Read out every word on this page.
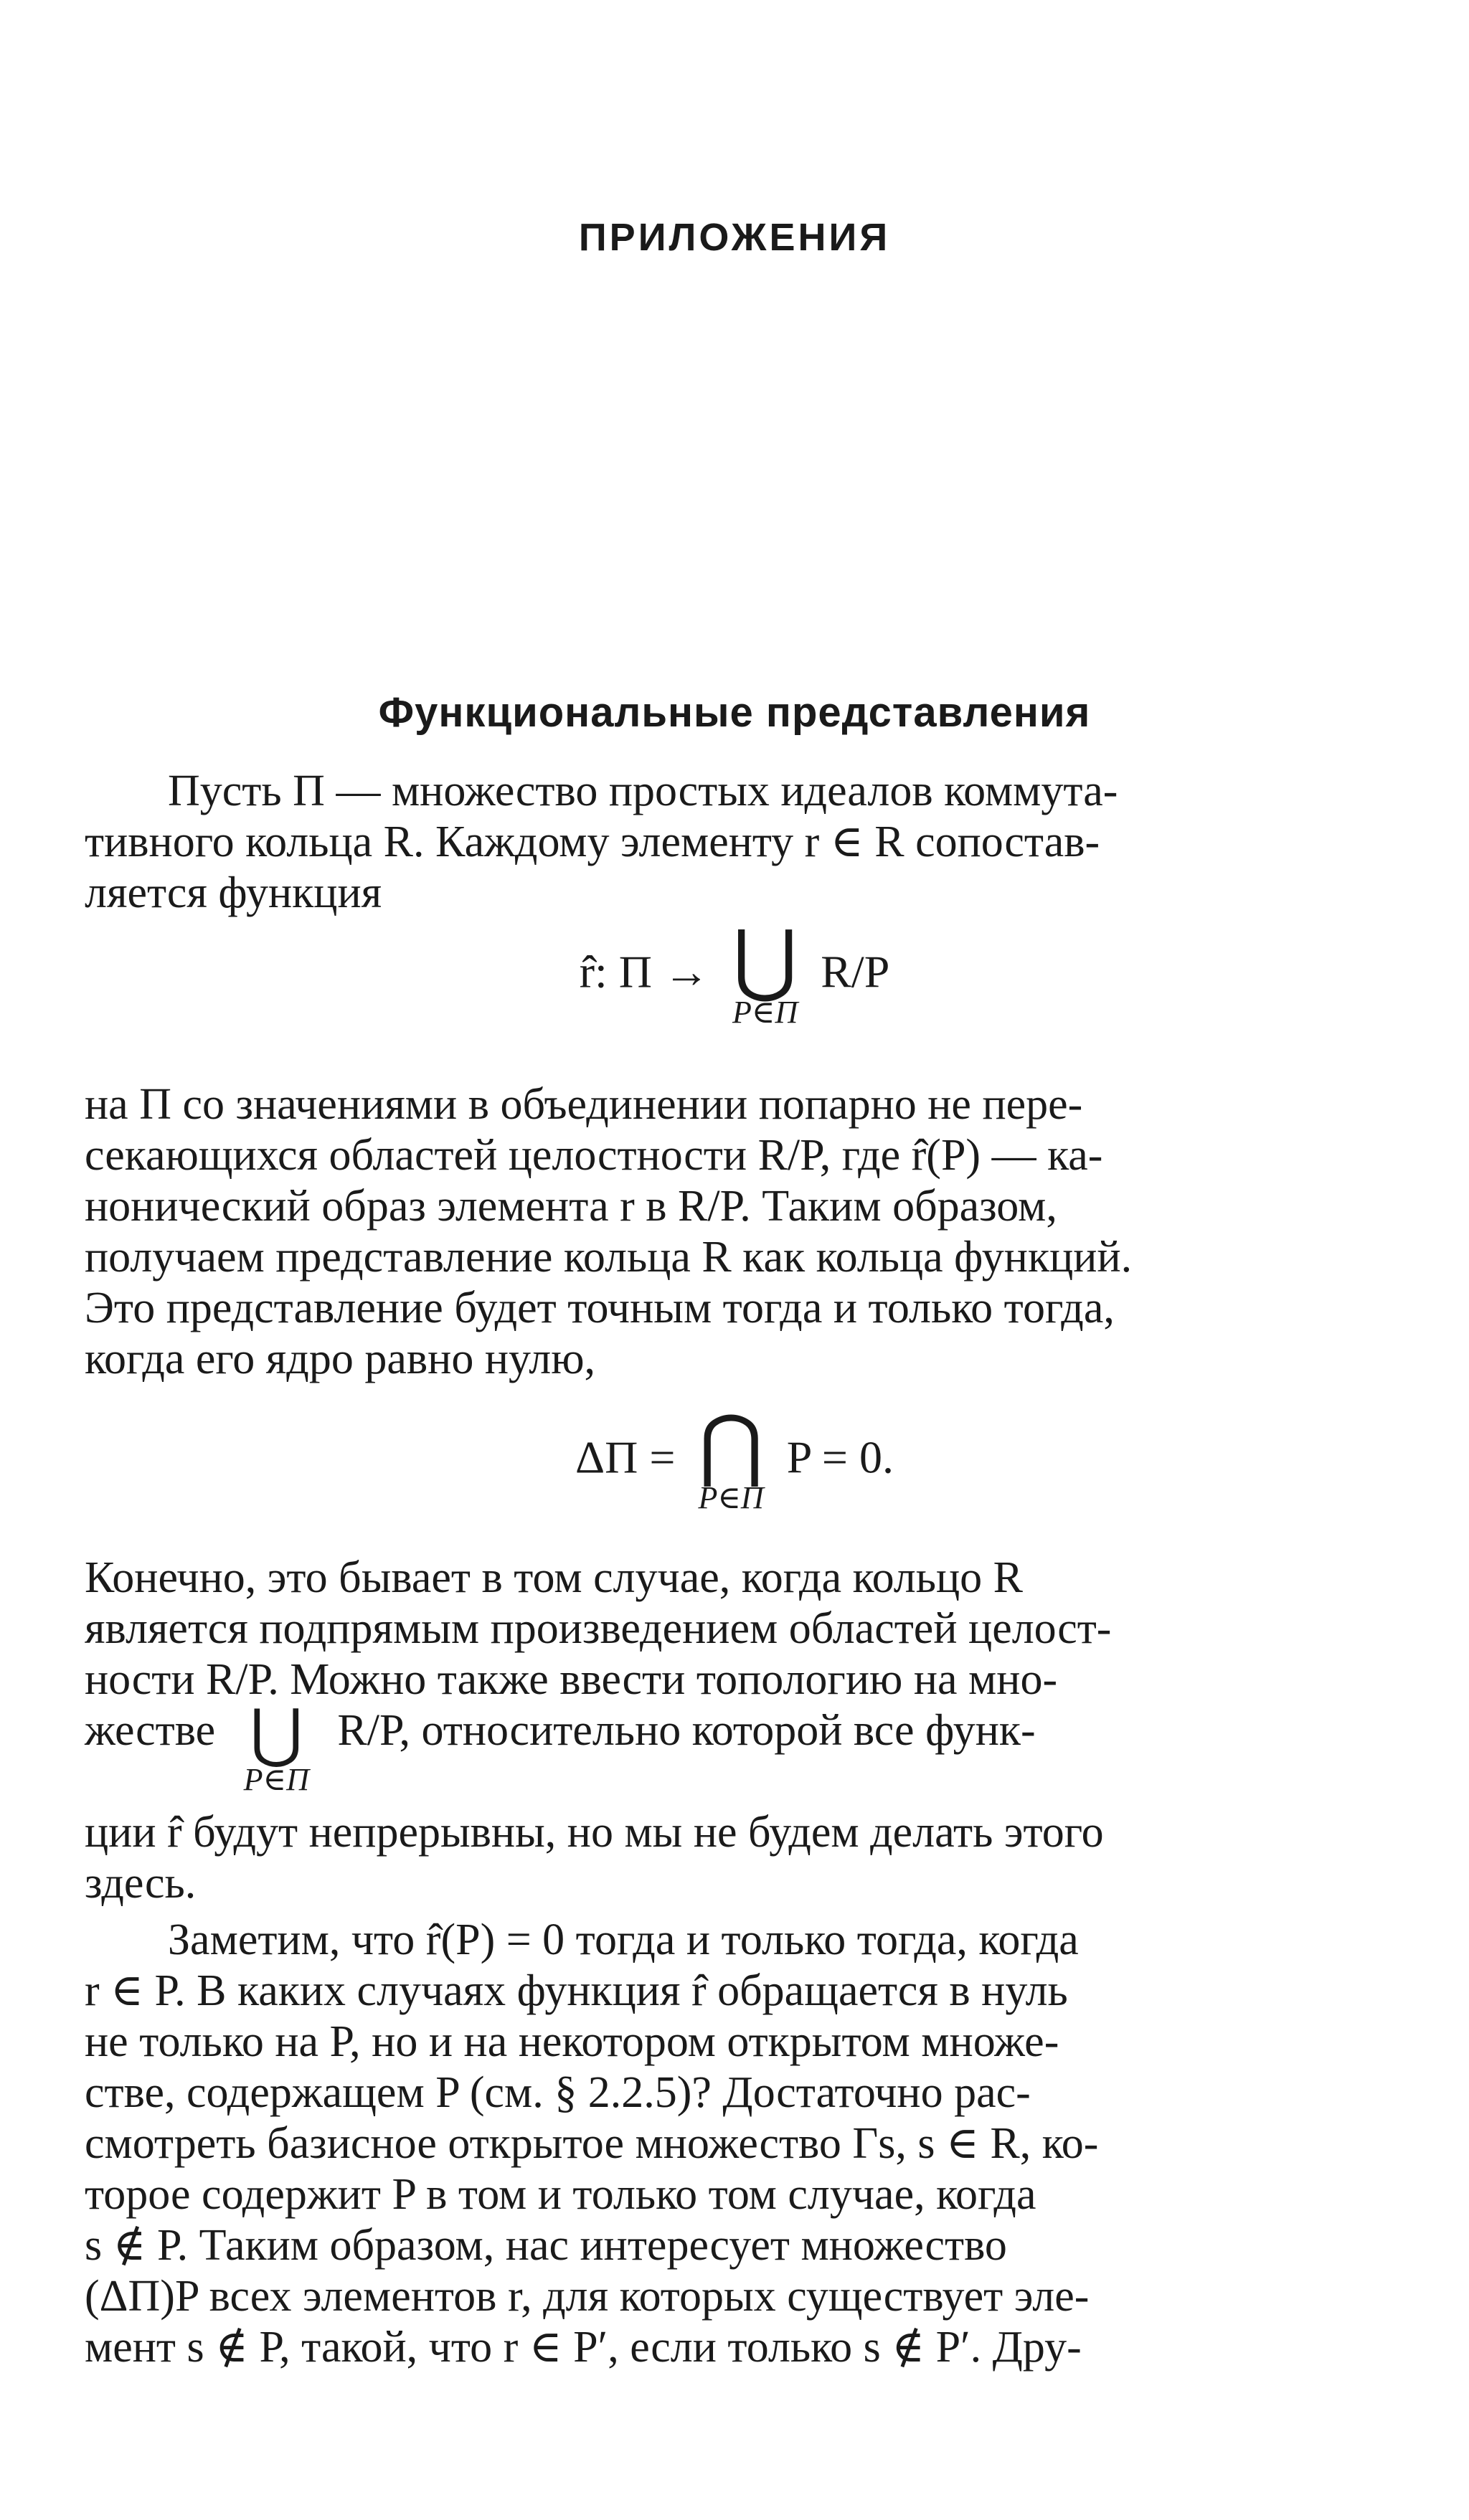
ПРИЛОЖЕНИЯ
Функциональные представления
Пусть Π — множество простых идеалов коммута-
тивного кольца R. Каждому элементу r ∈ R сопостав-
ляется функция
r̂: Π → ⋃
P∈Π
R/P
на Π со значениями в объединении попарно не пере-
секающихся областей целостности R/P, где r̂(P) — ка-
нонический образ элемента r в R/P. Таким образом,
получаем представление кольца R как кольца функций.
Это представление будет точным тогда и только тогда,
когда его ядро равно нулю,
ΔΠ = ⋂
P∈Π
P = 0.
Конечно, это бывает в том случае, когда кольцо R
является подпрямым произведением областей целост-
ности R/P. Можно также ввести топологию на мно-
жестве ⋃
P∈Π
R/P, относительно которой все функ-
ции r̂ будут непрерывны, но мы не будем делать этого
здесь.
Заметим, что r̂(P) = 0 тогда и только тогда, когда
r ∈ P. В каких случаях функция r̂ обращается в нуль
не только на P, но и на некотором открытом множе-
стве, содержащем P (см. § 2.2.5)? Достаточно рас-
смотреть базисное открытое множество Γs, s ∈ R, ко-
торое содержит P в том и только том случае, когда
s ∉ P. Таким образом, нас интересует множество
(ΔΠ)P всех элементов r, для которых существует эле-
мент s ∉ P, такой, что r ∈ P′, если только s ∉ P′. Дру-
